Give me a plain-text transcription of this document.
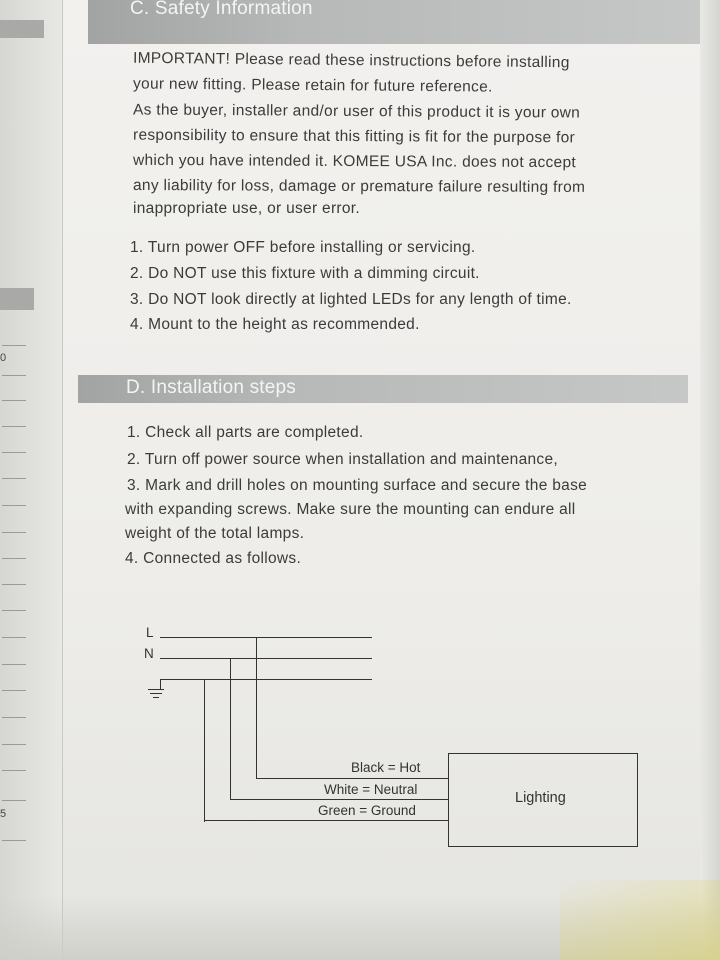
0
5
C. Safety Information
IMPORTANT! Please read these instructions before installing
your new fitting. Please retain for future reference.
As the buyer, installer and/or user of this product it is your own
responsibility to ensure that this fitting is fit for the purpose for
which you have intended it. KOMEE USA Inc. does not accept
any liability for loss, damage or premature failure resulting from
inappropriate use, or user error.
1. Turn power OFF before installing or servicing.
2. Do NOT use this fixture with a dimming circuit.
3. Do NOT look directly at lighted LEDs for any length of time.
4. Mount to the height as recommended.
D. Installation steps
1. Check all parts are completed.
2. Turn off power source when installation and maintenance,
3. Mark and drill holes on mounting surface and secure the base
with expanding screws. Make sure the mounting can endure all
weight of the total lamps.
4. Connected as follows.
L
N
Black = Hot
White = Neutral
Green = Ground
Lighting
